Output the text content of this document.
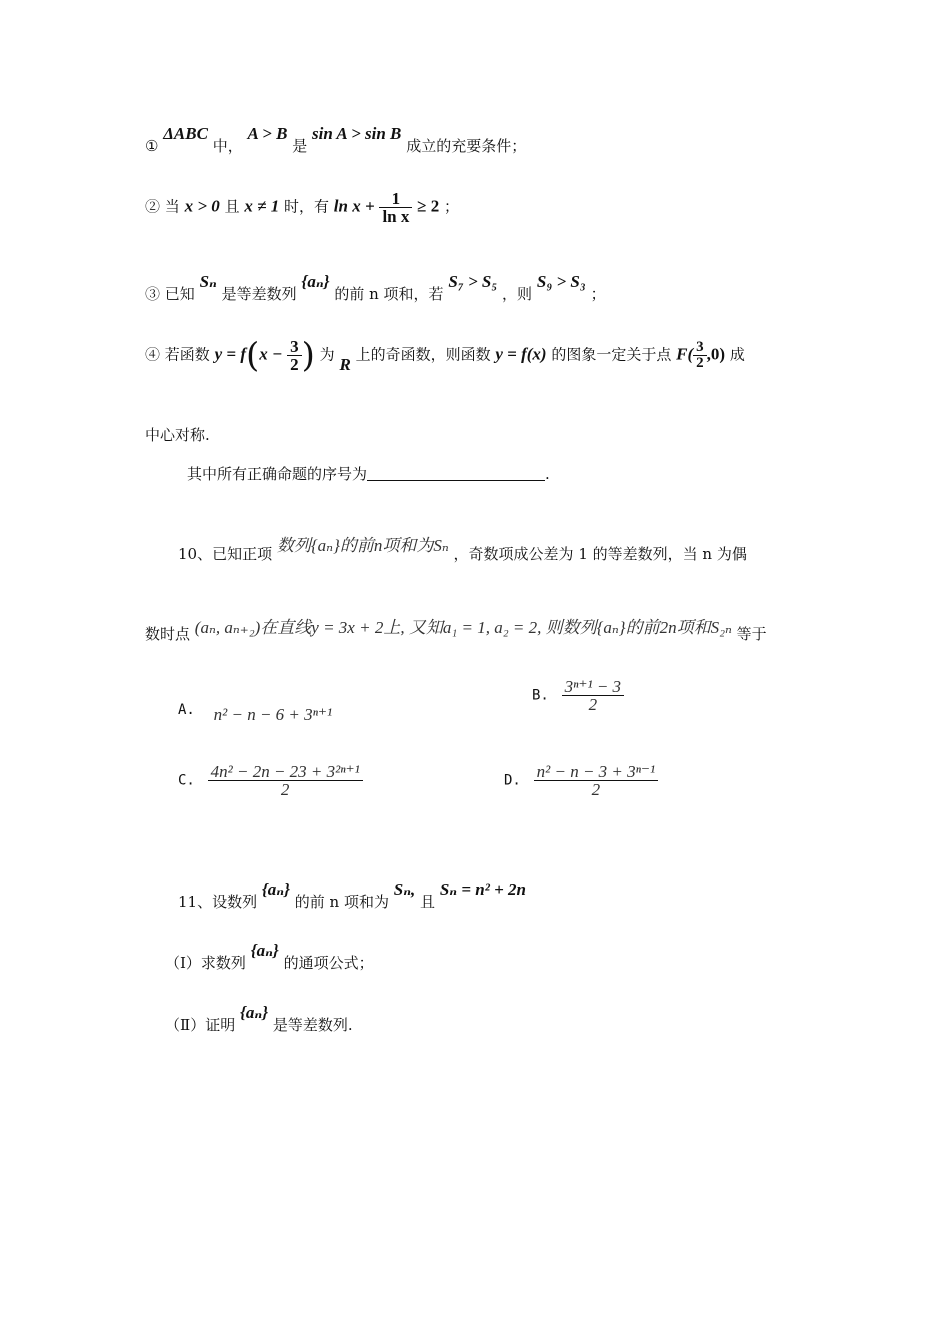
① ΔABC 中， A > B 是 sin A > sin B 成立的充要条件；
② 当 x > 0 且 x ≠ 1 时，有 $\ln x + \frac{1}{\text{ln x}} \ge 2$ ；
③ 已知 Sₙ 是等差数列 {aₙ} 的前 n 项和，若 S₇ > S₅ ，则 S₉ > S₃ ；
④ 若函数 $y = f(x - \frac{3}{2}$ ) 为 R 上的奇函数，则函数 y = f(x) 的图象一定关于点 $F( \frac{3}{2} ,0)$ 成
中心对称.
其中所有正确命题的序号为	.
10、已知正项 数列{aₙ}的前n项和为Sₙ ，奇数项成公差为 1 的等差数列，当 n 为偶
数时点 (aₙ, aₙ₊₂)在直线y = 3x + 2上, 又知a₁ = 1, a₂ = 2, 则数列{aₙ}的前2n项和S₂ₙ 等于
A. n² − n − 6 + 3ⁿ⁺¹
B. $\frac{\text{3ⁿ⁺¹ − 3}}{2}$
C. $\frac{\text{4n² − 2n − 23 + 3²ⁿ⁺¹}}{2}$	D. $\frac{\text{n² − n − 3 + 3ⁿ⁻¹}}{2}$
11、设数列 {aₙ} 的前 n 项和为 Sₙ, 且 Sₙ = n² + 2n
（Ⅰ）求数列 {aₙ} 的通项公式；
（Ⅱ）证明 {aₙ} 是等差数列.
